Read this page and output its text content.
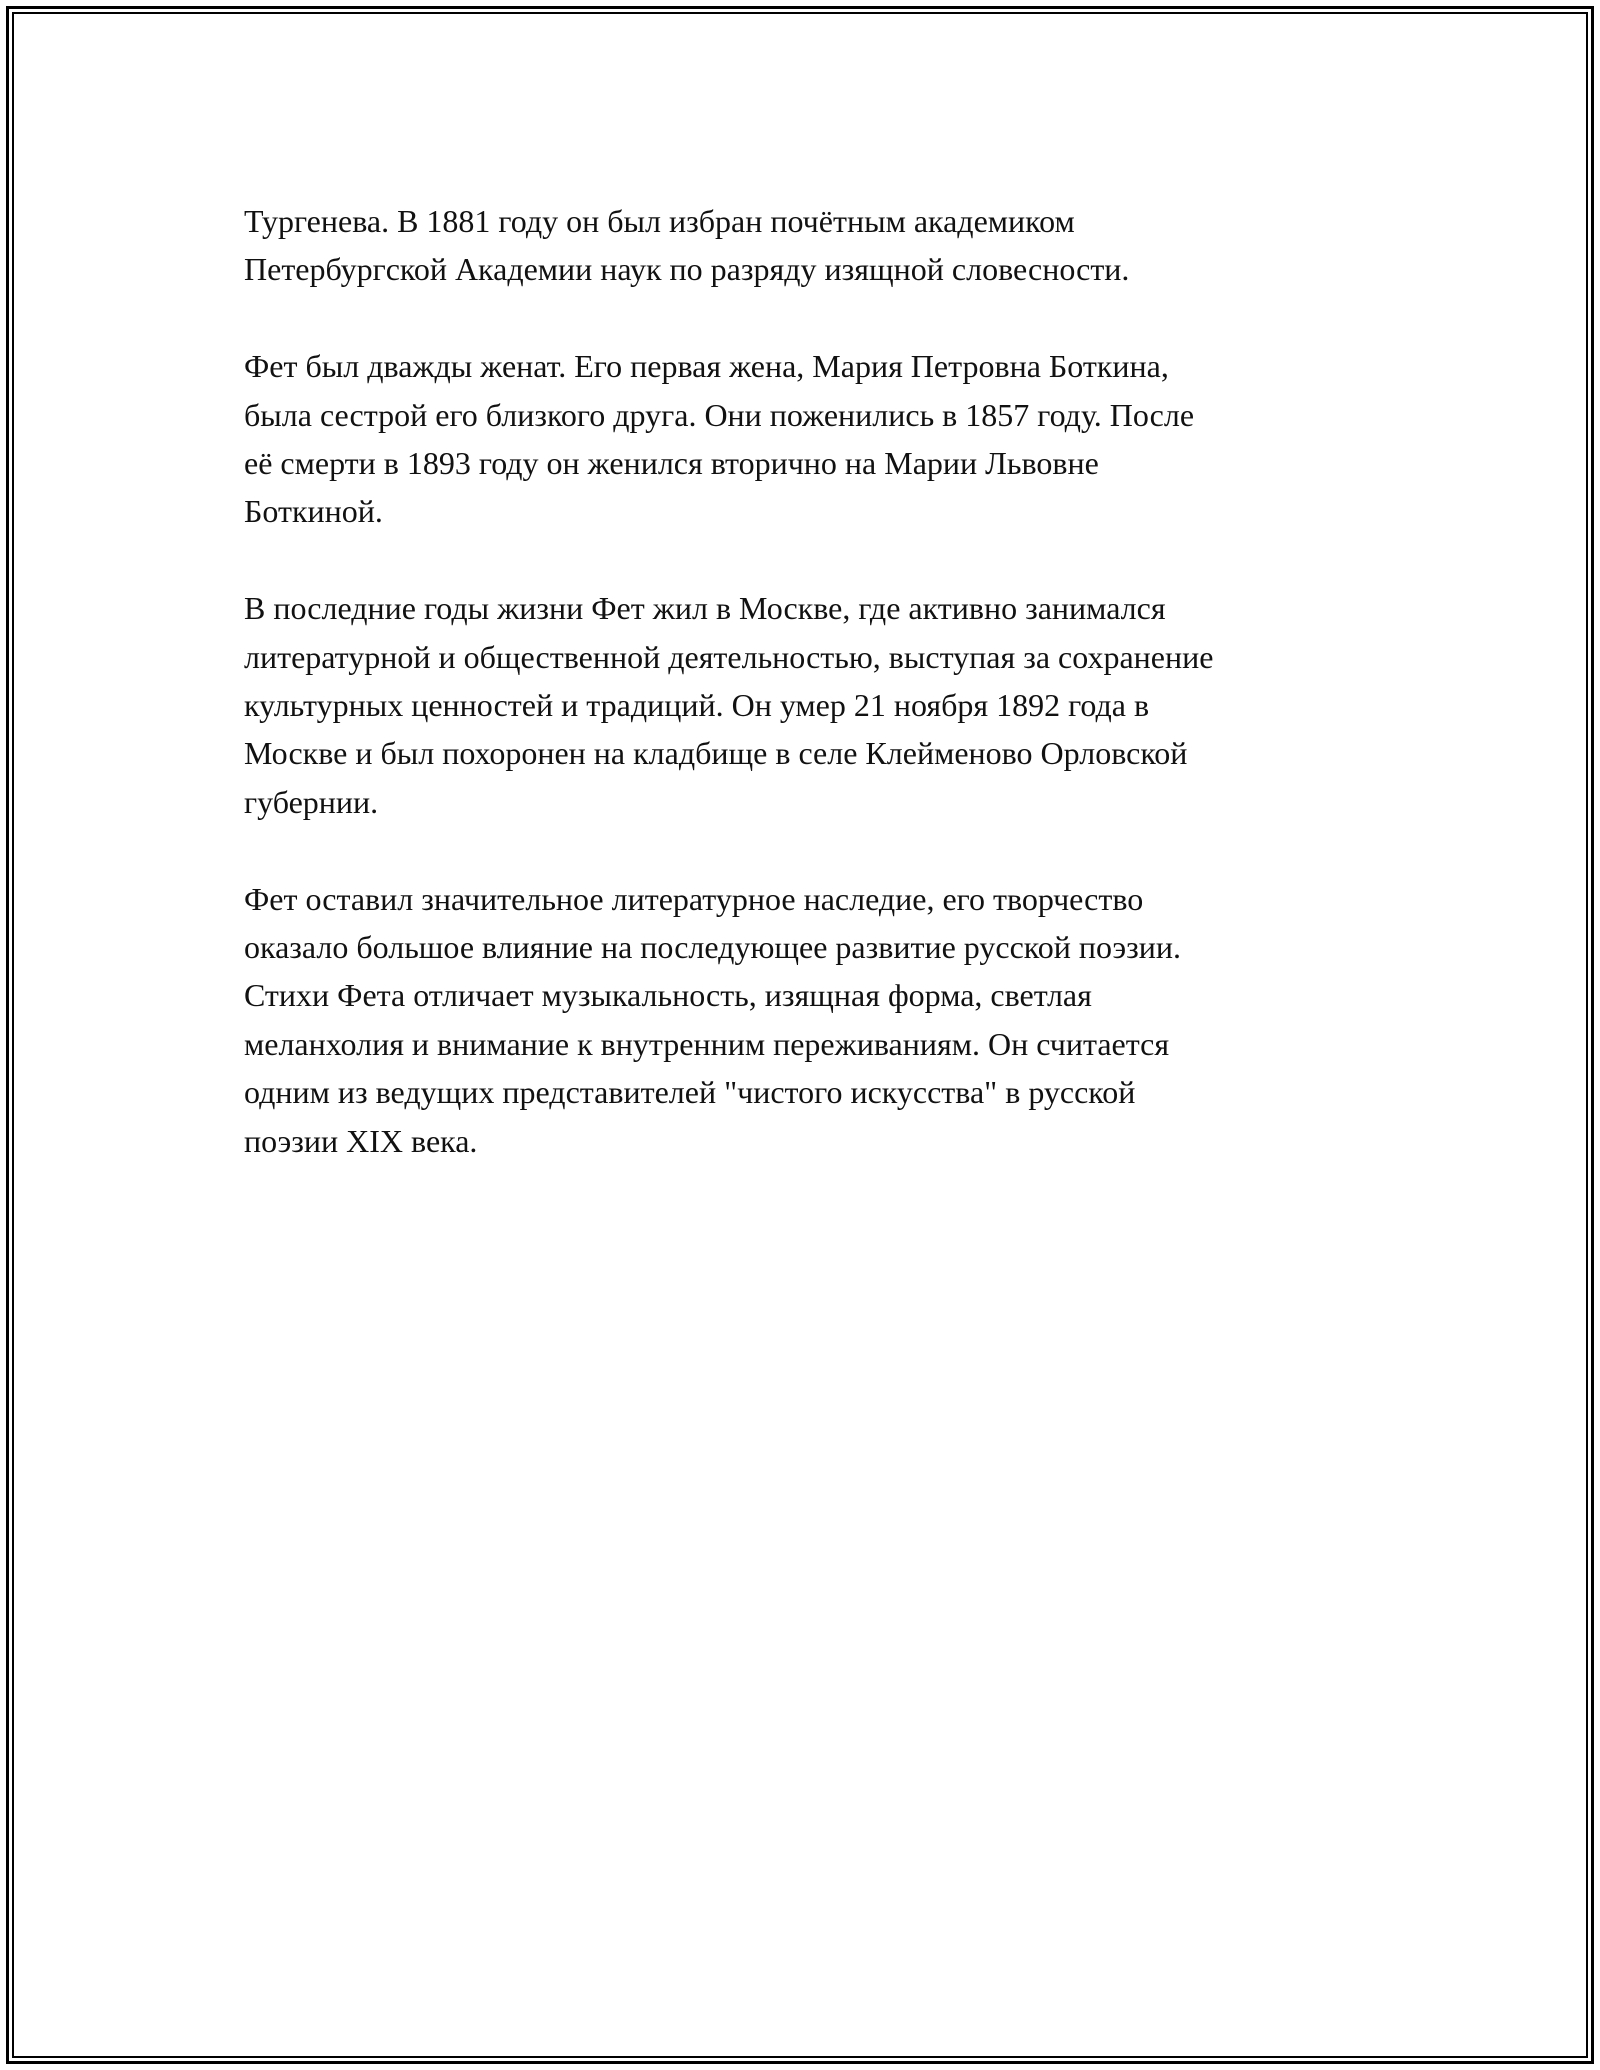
Тургенева. В 1881 году он был избран почётным академиком
Петербургской Академии наук по разряду изящной словесности.

Фет был дважды женат. Его первая жена, Мария Петровна Боткина,
была сестрой его близкого друга. Они поженились в 1857 году. После
её смерти в 1893 году он женился вторично на Марии Львовне
Боткиной.

В последние годы жизни Фет жил в Москве, где активно занимался
литературной и общественной деятельностью, выступая за сохранение
культурных ценностей и традиций. Он умер 21 ноября 1892 года в
Москве и был похоронен на кладбище в селе Клейменово Орловской
губернии.

Фет оставил значительное литературное наследие, его творчество
оказало большое влияние на последующее развитие русской поэзии.
Стихи Фета отличает музыкальность, изящная форма, светлая
меланхолия и внимание к внутренним переживаниям. Он считается
одним из ведущих представителей "чистого искусства" в русской
поэзии XIX века.
